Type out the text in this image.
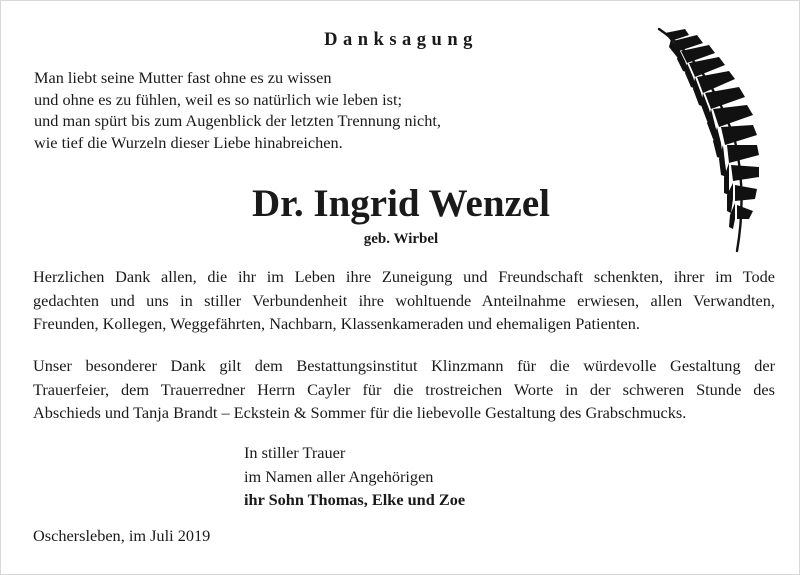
Danksagung
Man liebt seine Mutter fast ohne es zu wissen
und ohne es zu fühlen, weil es so natürlich wie leben ist;
und man spürt bis zum Augenblick der letzten Trennung nicht,
wie tief die Wurzeln dieser Liebe hinabreichen.
Dr. Ingrid Wenzel
geb. Wirbel
Herzlichen Dank allen, die ihr im Leben ihre Zuneigung und Freundschaft schenkten, ihrer im Tode
gedachten und uns in stiller Verbundenheit ihre wohltuende Anteilnahme erwiesen, allen Verwandten,
Freunden, Kollegen, Weggefährten, Nachbarn, Klassenkameraden und ehemaligen Patienten.
Unser besonderer Dank gilt dem Bestattungsinstitut Klinzmann für die würdevolle Gestaltung der
Trauerfeier, dem Trauerredner Herrn Cayler für die trostreichen Worte in der schweren Stunde des
Abschieds und Tanja Brandt – Eckstein & Sommer für die liebevolle Gestaltung des Grabschmucks.
In stiller Trauer
im Namen aller Angehörigen
ihr Sohn Thomas, Elke und Zoe
Oschersleben, im Juli 2019
